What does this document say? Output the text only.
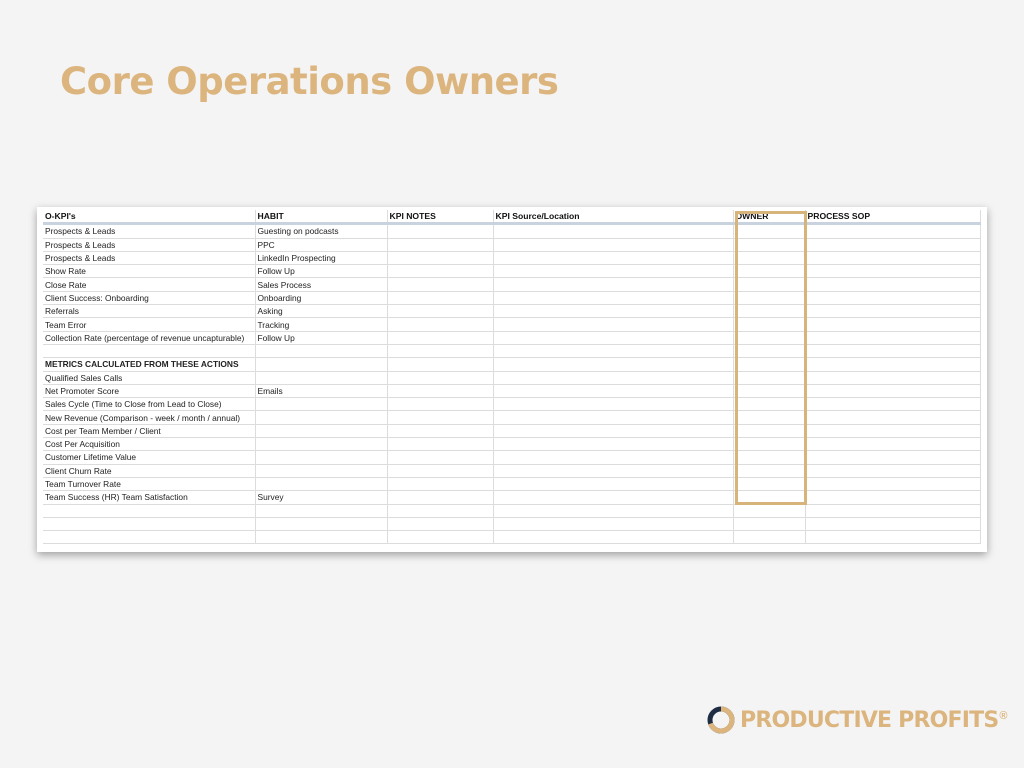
Core Operations Owners
O-KPI's	HABIT	KPI NOTES	KPI Source/Location	OWNER	PROCESS SOP
Prospects & Leads	Guesting on podcasts				
Prospects & Leads	PPC				
Prospects & Leads	LinkedIn Prospecting				
Show Rate	Follow Up				
Close Rate	Sales Process				
Client Success: Onboarding	Onboarding				
Referrals	Asking				
Team Error	Tracking				
Collection Rate (percentage of revenue uncapturable)	Follow Up				

METRICS CALCULATED FROM THESE ACTIONS					
Qualified Sales Calls					
Net Promoter Score	Emails				
Sales Cycle (Time to Close from Lead to Close)					
New Revenue (Comparison - week / month / annual)					
Cost per Team Member / Client					
Cost Per Acquisition					
Customer Lifetime Value					
Client Churn Rate					
Team Turnover Rate					
Team Success (HR) Team Satisfaction	Survey				

PRODUCTIVE PROFITS ®
